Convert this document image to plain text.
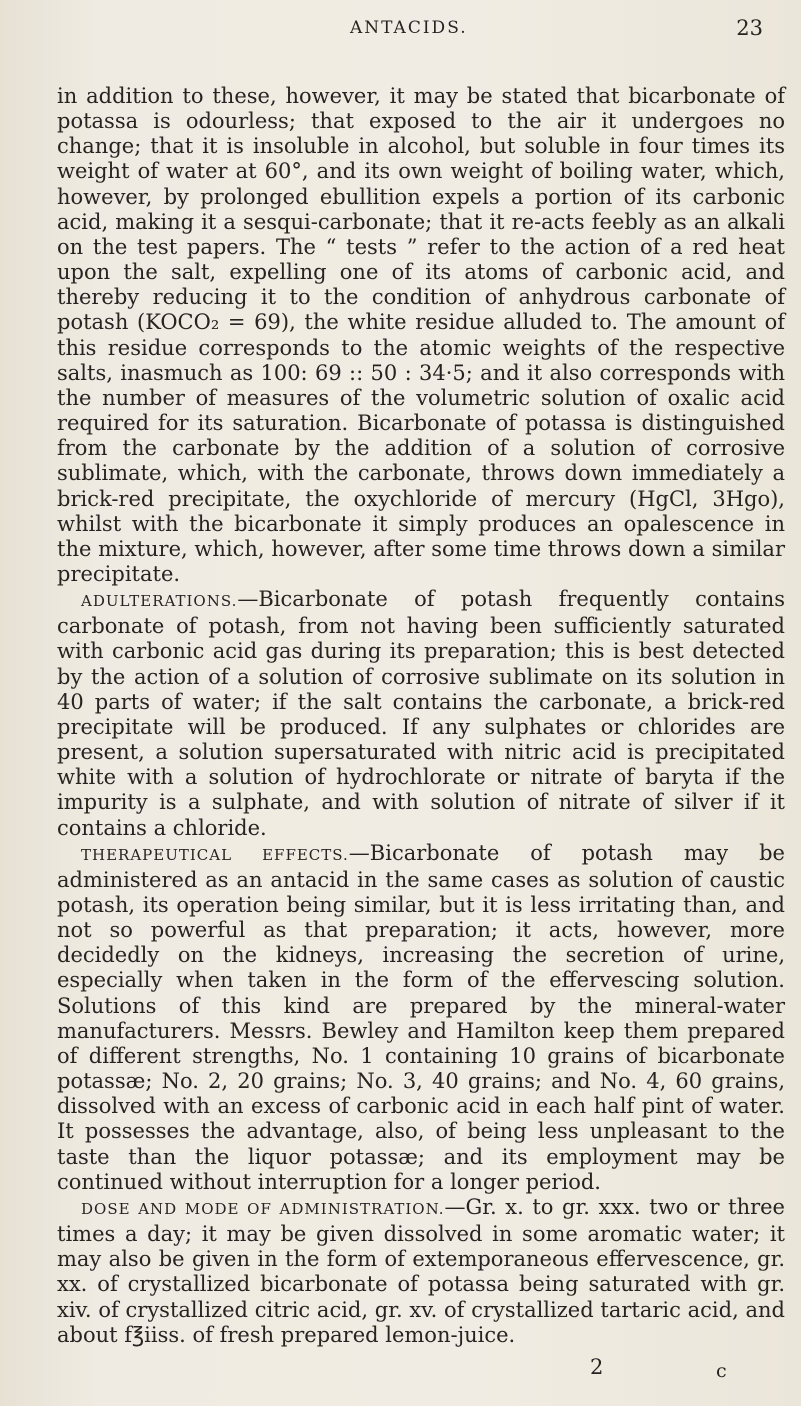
ANTACIDS.	23

in addition to these, however, it may be stated that bicarbonate of potassa is odourless; that exposed to the air it undergoes no change; that it is insoluble in alcohol, but soluble in four times its weight of water at 60°, and its own weight of boiling water, which, however, by prolonged ebullition expels a portion of its carbonic acid, making it a sesqui-carbonate; that it re-acts feebly as an alkali on the test papers. The “ tests ” refer to the action of a red heat upon the salt, expelling one of its atoms of carbonic acid, and thereby reducing it to the condition of anhydrous carbonate of potash (KOCO₂ = 69), the white residue alluded to. The amount of this residue corresponds to the atomic weights of the respective salts, inasmuch as 100: 69 :: 50 : 34·5; and it also corresponds with the number of measures of the volumetric solution of oxalic acid required for its saturation. Bicarbonate of potassa is distinguished from the carbonate by the addition of a solution of corrosive sublimate, which, with the carbonate, throws down immediately a brick-red precipitate, the oxychloride of mercury (HgCl, 3Hgo), whilst with the bicarbonate it simply produces an opalescence in the mixture, which, however, after some time throws down a similar precipitate.

ADULTERATIONS.—Bicarbonate of potash frequently contains carbonate of potash, from not having been sufficiently saturated with carbonic acid gas during its preparation; this is best detected by the action of a solution of corrosive sublimate on its solution in 40 parts of water; if the salt contains the carbonate, a brick-red precipitate will be produced. If any sulphates or chlorides are present, a solution supersaturated with nitric acid is precipitated white with a solution of hydrochlorate or nitrate of baryta if the impurity is a sulphate, and with solution of nitrate of silver if it contains a chloride.

THERAPEUTICAL EFFECTS.—Bicarbonate of potash may be administered as an antacid in the same cases as solution of caustic potash, its operation being similar, but it is less irritating than, and not so powerful as that preparation; it acts, however, more decidedly on the kidneys, increasing the secretion of urine, especially when taken in the form of the effervescing solution. Solutions of this kind are prepared by the mineral-water manufacturers. Messrs. Bewley and Hamilton keep them prepared of different strengths, No. 1 containing 10 grains of bicarbonate potassæ; No. 2, 20 grains; No. 3, 40 grains; and No. 4, 60 grains, dissolved with an excess of carbonic acid in each half pint of water. It possesses the advantage, also, of being less unpleasant to the taste than the liquor potassæ; and its employment may be continued without interruption for a longer period.

DOSE AND MODE OF ADMINISTRATION.—Gr. x. to gr. xxx. two or three times a day; it may be given dissolved in some aromatic water; it may also be given in the form of extemporaneous effervescence, gr. xx. of crystallized bicarbonate of potassa being saturated with gr. xiv. of crystallized citric acid, gr. xv. of crystallized tartaric acid, and about f℥iiss. of fresh prepared lemon-juice.

2	c
